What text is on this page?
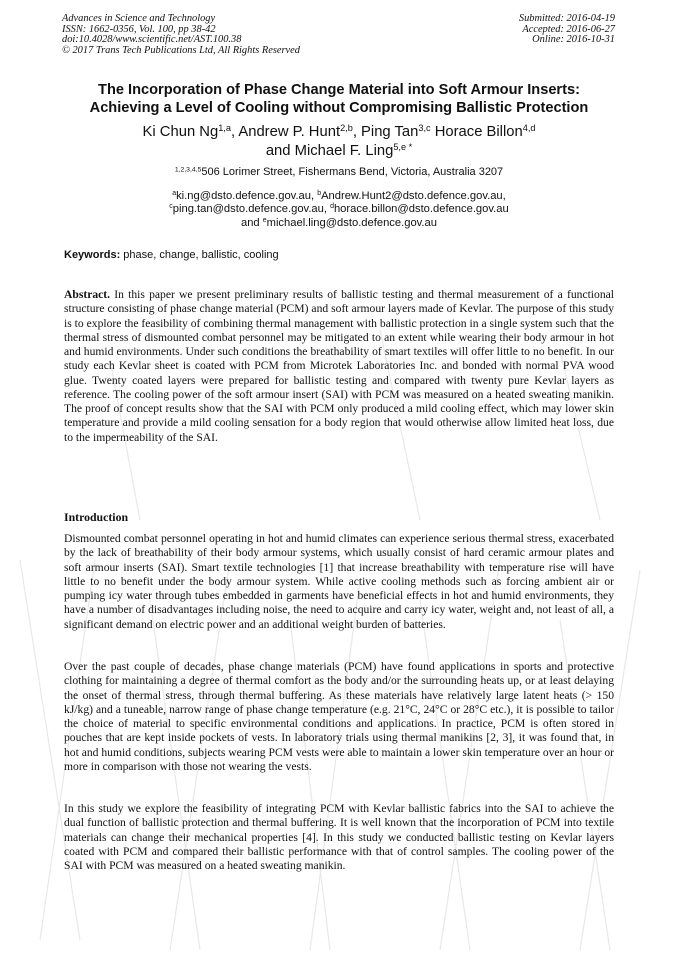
Advances in Science and Technology
ISSN: 1662-0356, Vol. 100, pp 38-42
doi:10.4028/www.scientific.net/AST.100.38
© 2017 Trans Tech Publications Ltd, All Rights Reserved
Submitted: 2016-04-19
Accepted: 2016-06-27
Online: 2016-10-31
The Incorporation of Phase Change Material into Soft Armour Inserts:
Achieving a Level of Cooling without Compromising Ballistic Protection
Ki Chun Ng$^{1,a}$, Andrew P. Hunt$^{2,b}$, Ping Tan$^{3,c}$ Horace Billon$^{4,d}$
and Michael F. Ling$^{5,e *}$
$^{1,2,3,4,5}$506 Lorimer Street, Fishermans Bend, Victoria, Australia 3207
$^a$ki.ng@dsto.defence.gov.au, $^b$Andrew.Hunt2@dsto.defence.gov.au,
$^c$ping.tan@dsto.defence.gov.au, $^d$horace.billon@dsto.defence.gov.au
and $^e$michael.ling@dsto.defence.gov.au
Keywords: phase, change, ballistic, cooling
Abstract. In this paper we present preliminary results of ballistic testing and thermal measurement of a functional structure consisting of phase change material (PCM) and soft armour layers made of Kevlar. The purpose of this study is to explore the feasibility of combining thermal management with ballistic protection in a single system such that the thermal stress of dismounted combat personnel may be mitigated to an extent while wearing their body armour in hot and humid environments. Under such conditions the breathability of smart textiles will offer little to no benefit. In our study each Kevlar sheet is coated with PCM from Microtek Laboratories Inc. and bonded with normal PVA wood glue. Twenty coated layers were prepared for ballistic testing and compared with twenty pure Kevlar layers as reference. The cooling power of the soft armour insert (SAI) with PCM was measured on a heated sweating manikin. The proof of concept results show that the SAI with PCM only produced a mild cooling effect, which may lower skin temperature and provide a mild cooling sensation for a body region that would otherwise allow limited heat loss, due to the impermeability of the SAI.
Introduction
Dismounted combat personnel operating in hot and humid climates can experience serious thermal stress, exacerbated by the lack of breathability of their body armour systems, which usually consist of hard ceramic armour plates and soft armour inserts (SAI). Smart textile technologies [1] that increase breathability with temperature rise will have little to no benefit under the body armour system. While active cooling methods such as forcing ambient air or pumping icy water through tubes embedded in garments have beneficial effects in hot and humid environments, they have a number of disadvantages including noise, the need to acquire and carry icy water, weight and, not least of all, a significant demand on electric power and an additional weight burden of batteries.
Over the past couple of decades, phase change materials (PCM) have found applications in sports and protective clothing for maintaining a degree of thermal comfort as the body and/or the surrounding heats up, or at least delaying the onset of thermal stress, through thermal buffering. As these materials have relatively large latent heats (> 150 kJ/kg) and a tuneable, narrow range of phase change temperature (e.g. 21°C, 24°C or 28°C etc.), it is possible to tailor the choice of material to specific environmental conditions and applications. In practice, PCM is often stored in pouches that are kept inside pockets of vests. In laboratory trials using thermal manikins [2, 3], it was found that, in hot and humid conditions, subjects wearing PCM vests were able to maintain a lower skin temperature over an hour or more in comparison with those not wearing the vests.
In this study we explore the feasibility of integrating PCM with Kevlar ballistic fabrics into the SAI to achieve the dual function of ballistic protection and thermal buffering. It is well known that the incorporation of PCM into textile materials can change their mechanical properties [4]. In this study we conducted ballistic testing on Kevlar layers coated with PCM and compared their ballistic performance with that of control samples. The cooling power of the SAI with PCM was measured on a heated sweating manikin.
